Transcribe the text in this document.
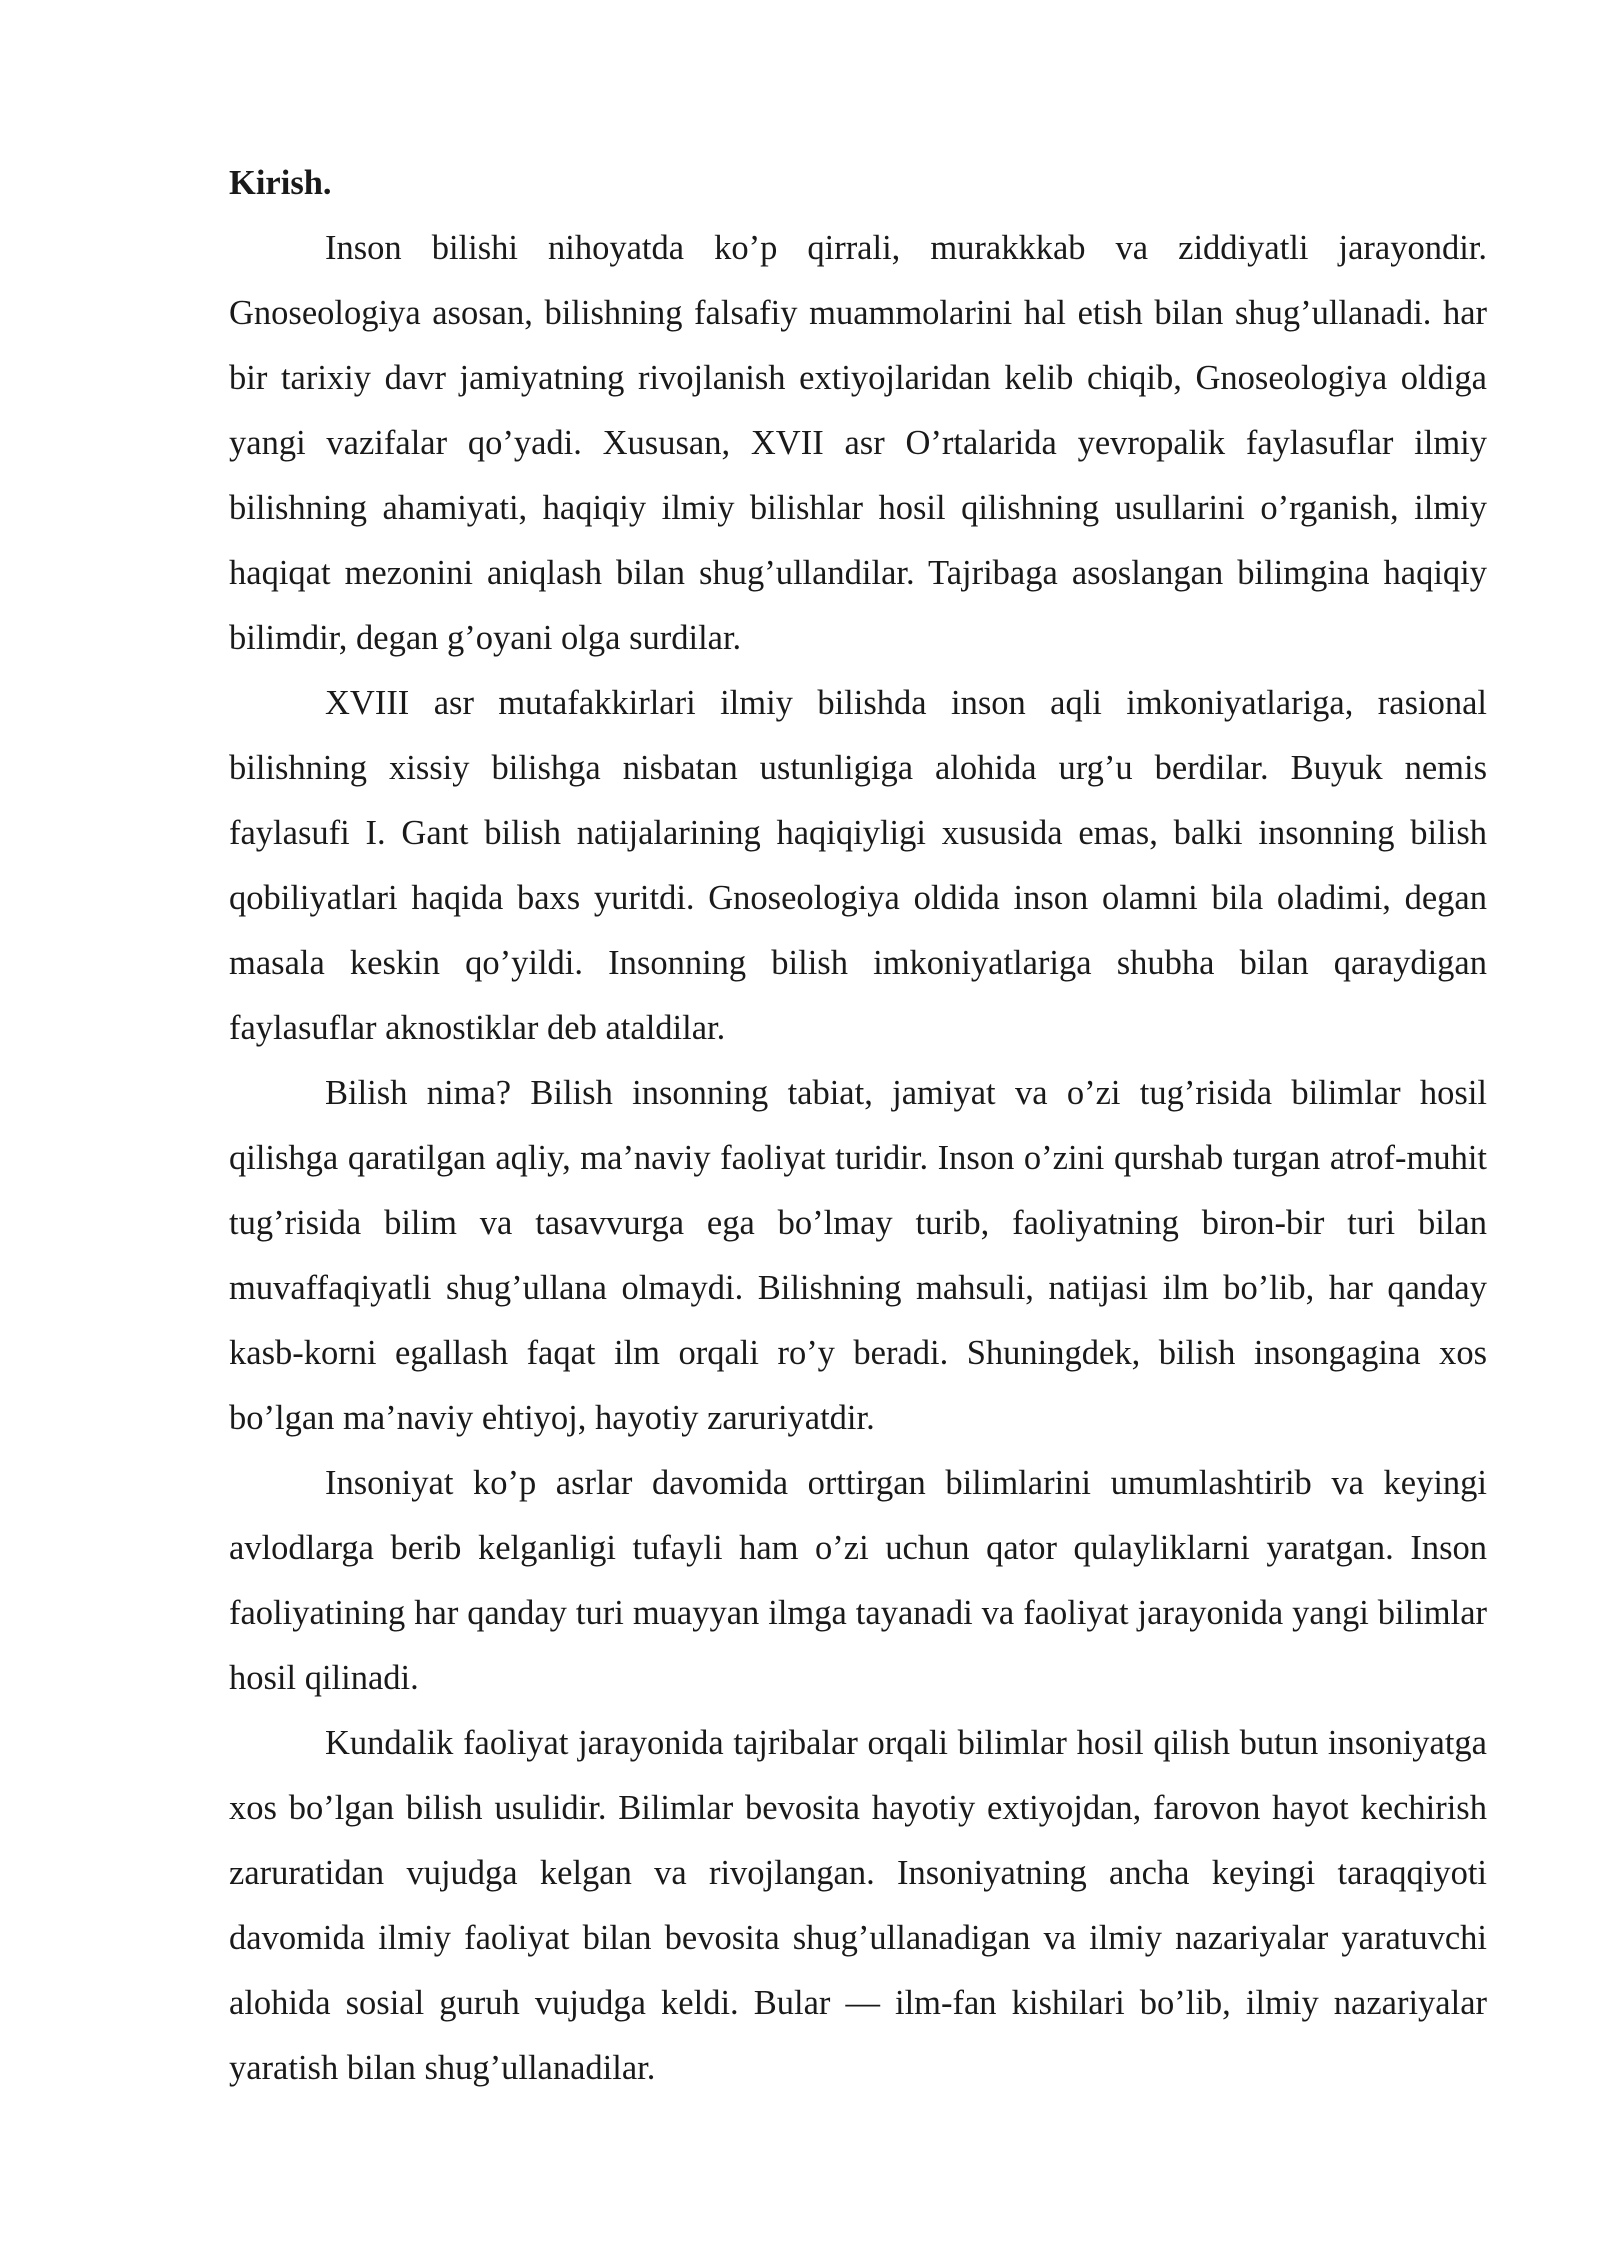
Kirish.

Inson bilishi nihoyatda ko’p qirrali, murakkkab va ziddiyatli jarayondir. Gnoseologiya asosan, bilishning falsafiy muammolarini hal etish bilan shug’ullanadi. har bir tarixiy davr jamiyatning rivojlanish extiyojlaridan kelib chiqib, Gnoseologiya oldiga yangi vazifalar qo’yadi. Xususan, XVII asr O’rtalarida yevropalik faylasuflar ilmiy bilishning ahamiyati, haqiqiy ilmiy bilishlar hosil qilishning usullarini o’rganish, ilmiy haqiqat mezonini aniqlash bilan shug’ullandilar. Tajribaga asoslangan bilimgina haqiqiy bilimdir, degan g’oyani olga surdilar.

XVIII asr mutafakkirlari ilmiy bilishda inson aqli imkoniyatlariga, rasional bilishning xissiy bilishga nisbatan ustunligiga alohida urg’u berdilar. Buyuk nemis faylasufi I. Gant bilish natijalarining haqiqiyligi xususida emas, balki insonning bilish qobiliyatlari haqida baxs yuritdi. Gnoseologiya oldida inson olamni bila oladimi, degan masala keskin qo’yildi. Insonning bilish imkoniyatlariga shubha bilan qaraydigan faylasuflar aknostiklar deb ataldilar.

Bilish nima? Bilish insonning tabiat, jamiyat va o’zi tug’risida bilimlar hosil qilishga qaratilgan aqliy, ma’naviy faoliyat turidir. Inson o’zini qurshab turgan atrof-muhit tug’risida bilim va tasavvurga ega bo’lmay turib, faoliyatning biron-bir turi bilan muvaffaqiyatli shug’ullana olmaydi. Bilishning mahsuli, natijasi ilm bo’lib, har qanday kasb-korni egallash faqat ilm orqali ro’y beradi. Shuningdek, bilish insongagina xos bo’lgan ma’naviy ehtiyoj, hayotiy zaruriyatdir.

Insoniyat ko’p asrlar davomida orttirgan bilimlarini umumlashtirib va keyingi avlodlarga berib kelganligi tufayli ham o’zi uchun qator qulayliklarni yaratgan. Inson faoliyatining har qanday turi muayyan ilmga tayanadi va faoliyat jarayonida yangi bilimlar hosil qilinadi.

Kundalik faoliyat jarayonida tajribalar orqali bilimlar hosil qilish butun insoniyatga xos bo’lgan bilish usulidir. Bilimlar bevosita hayotiy extiyojdan, farovon hayot kechirish zaruratidan vujudga kelgan va rivojlangan. Insoniyatning ancha keyingi taraqqiyoti davomida ilmiy faoliyat bilan bevosita shug’ullanadigan va ilmiy nazariyalar yaratuvchi alohida sosial guruh vujudga keldi. Bular — ilm-fan kishilari bo’lib, ilmiy nazariyalar yaratish bilan shug’ullanadilar.
